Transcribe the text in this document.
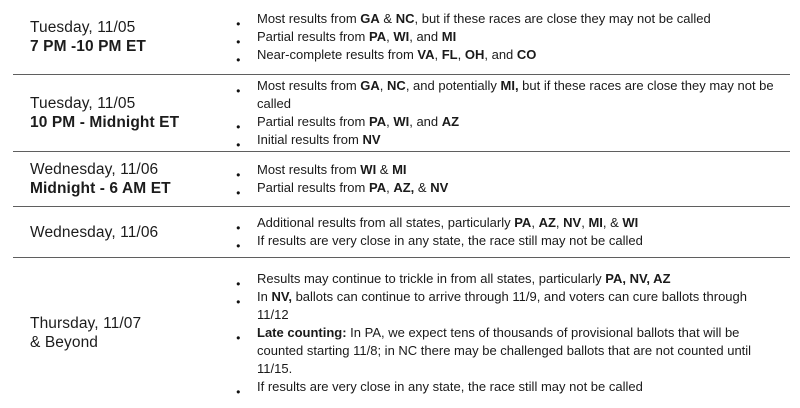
Tuesday, 11/05
7 PM -10 PM ET
● Most results from GA & NC, but if these races are close they may not be called
● Partial results from PA, WI, and MI
● Near-complete results from VA, FL, OH, and CO
Tuesday, 11/05
10 PM - Midnight ET
● Most results from GA, NC, and potentially MI, but if these races are close they may not be called
● Partial results from PA, WI, and AZ
● Initial results from NV
Wednesday, 11/06
Midnight - 6 AM ET
● Most results from WI & MI
● Partial results from PA, AZ, & NV
Wednesday, 11/06
● Additional results from all states, particularly PA, AZ, NV, MI, & WI
● If results are very close in any state, the race still may not be called
Thursday, 11/07
& Beyond
● Results may continue to trickle in from all states, particularly PA, NV, AZ
● In NV, ballots can continue to arrive through 11/9, and voters can cure ballots through 11/12
● Late counting: In PA, we expect tens of thousands of provisional ballots that will be counted starting 11/8; in NC there may be challenged ballots that are not counted until 11/15.
● If results are very close in any state, the race still may not be called
